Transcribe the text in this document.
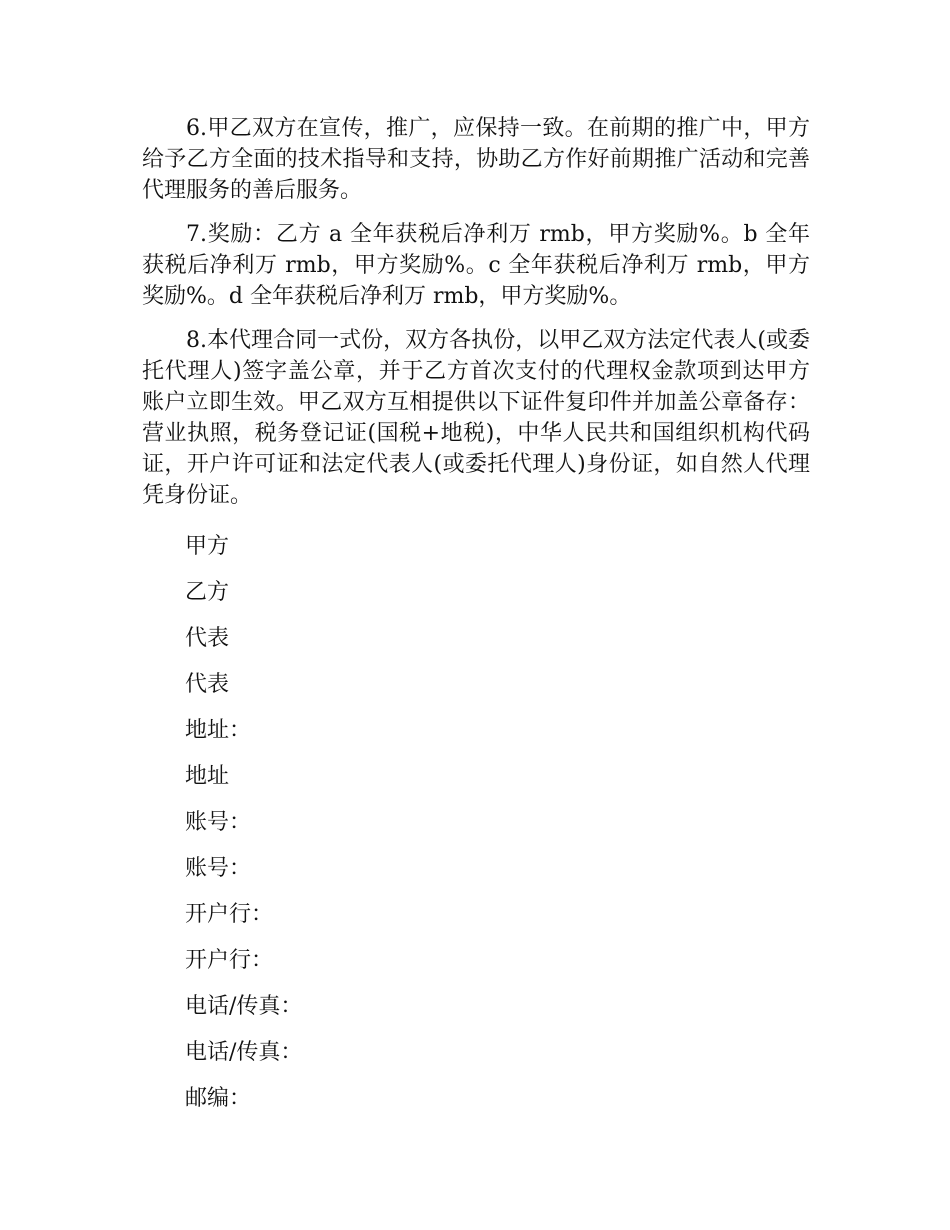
6.甲乙双方在宣传，推广，应保持一致。在前期的推广中，甲方给予乙方全面的技术指导和支持，协助乙方作好前期推广活动和完善代理服务的善后服务。

7.奖励：乙方 a 全年获税后净利万 rmb，甲方奖励%。b 全年获税后净利万 rmb，甲方奖励%。c 全年获税后净利万 rmb，甲方奖励%。d 全年获税后净利万 rmb，甲方奖励%。

8.本代理合同一式份，双方各执份，以甲乙双方法定代表人(或委托代理人)签字盖公章，并于乙方首次支付的代理权金款项到达甲方账户立即生效。甲乙双方互相提供以下证件复印件并加盖公章备存：营业执照，税务登记证(国税+地税)，中华人民共和国组织机构代码证，开户许可证和法定代表人(或委托代理人)身份证，如自然人代理凭身份证。

甲方
乙方
代表
代表
地址：
地址
账号：
账号：
开户行：
开户行：
电话/传真：
电话/传真：
邮编：
